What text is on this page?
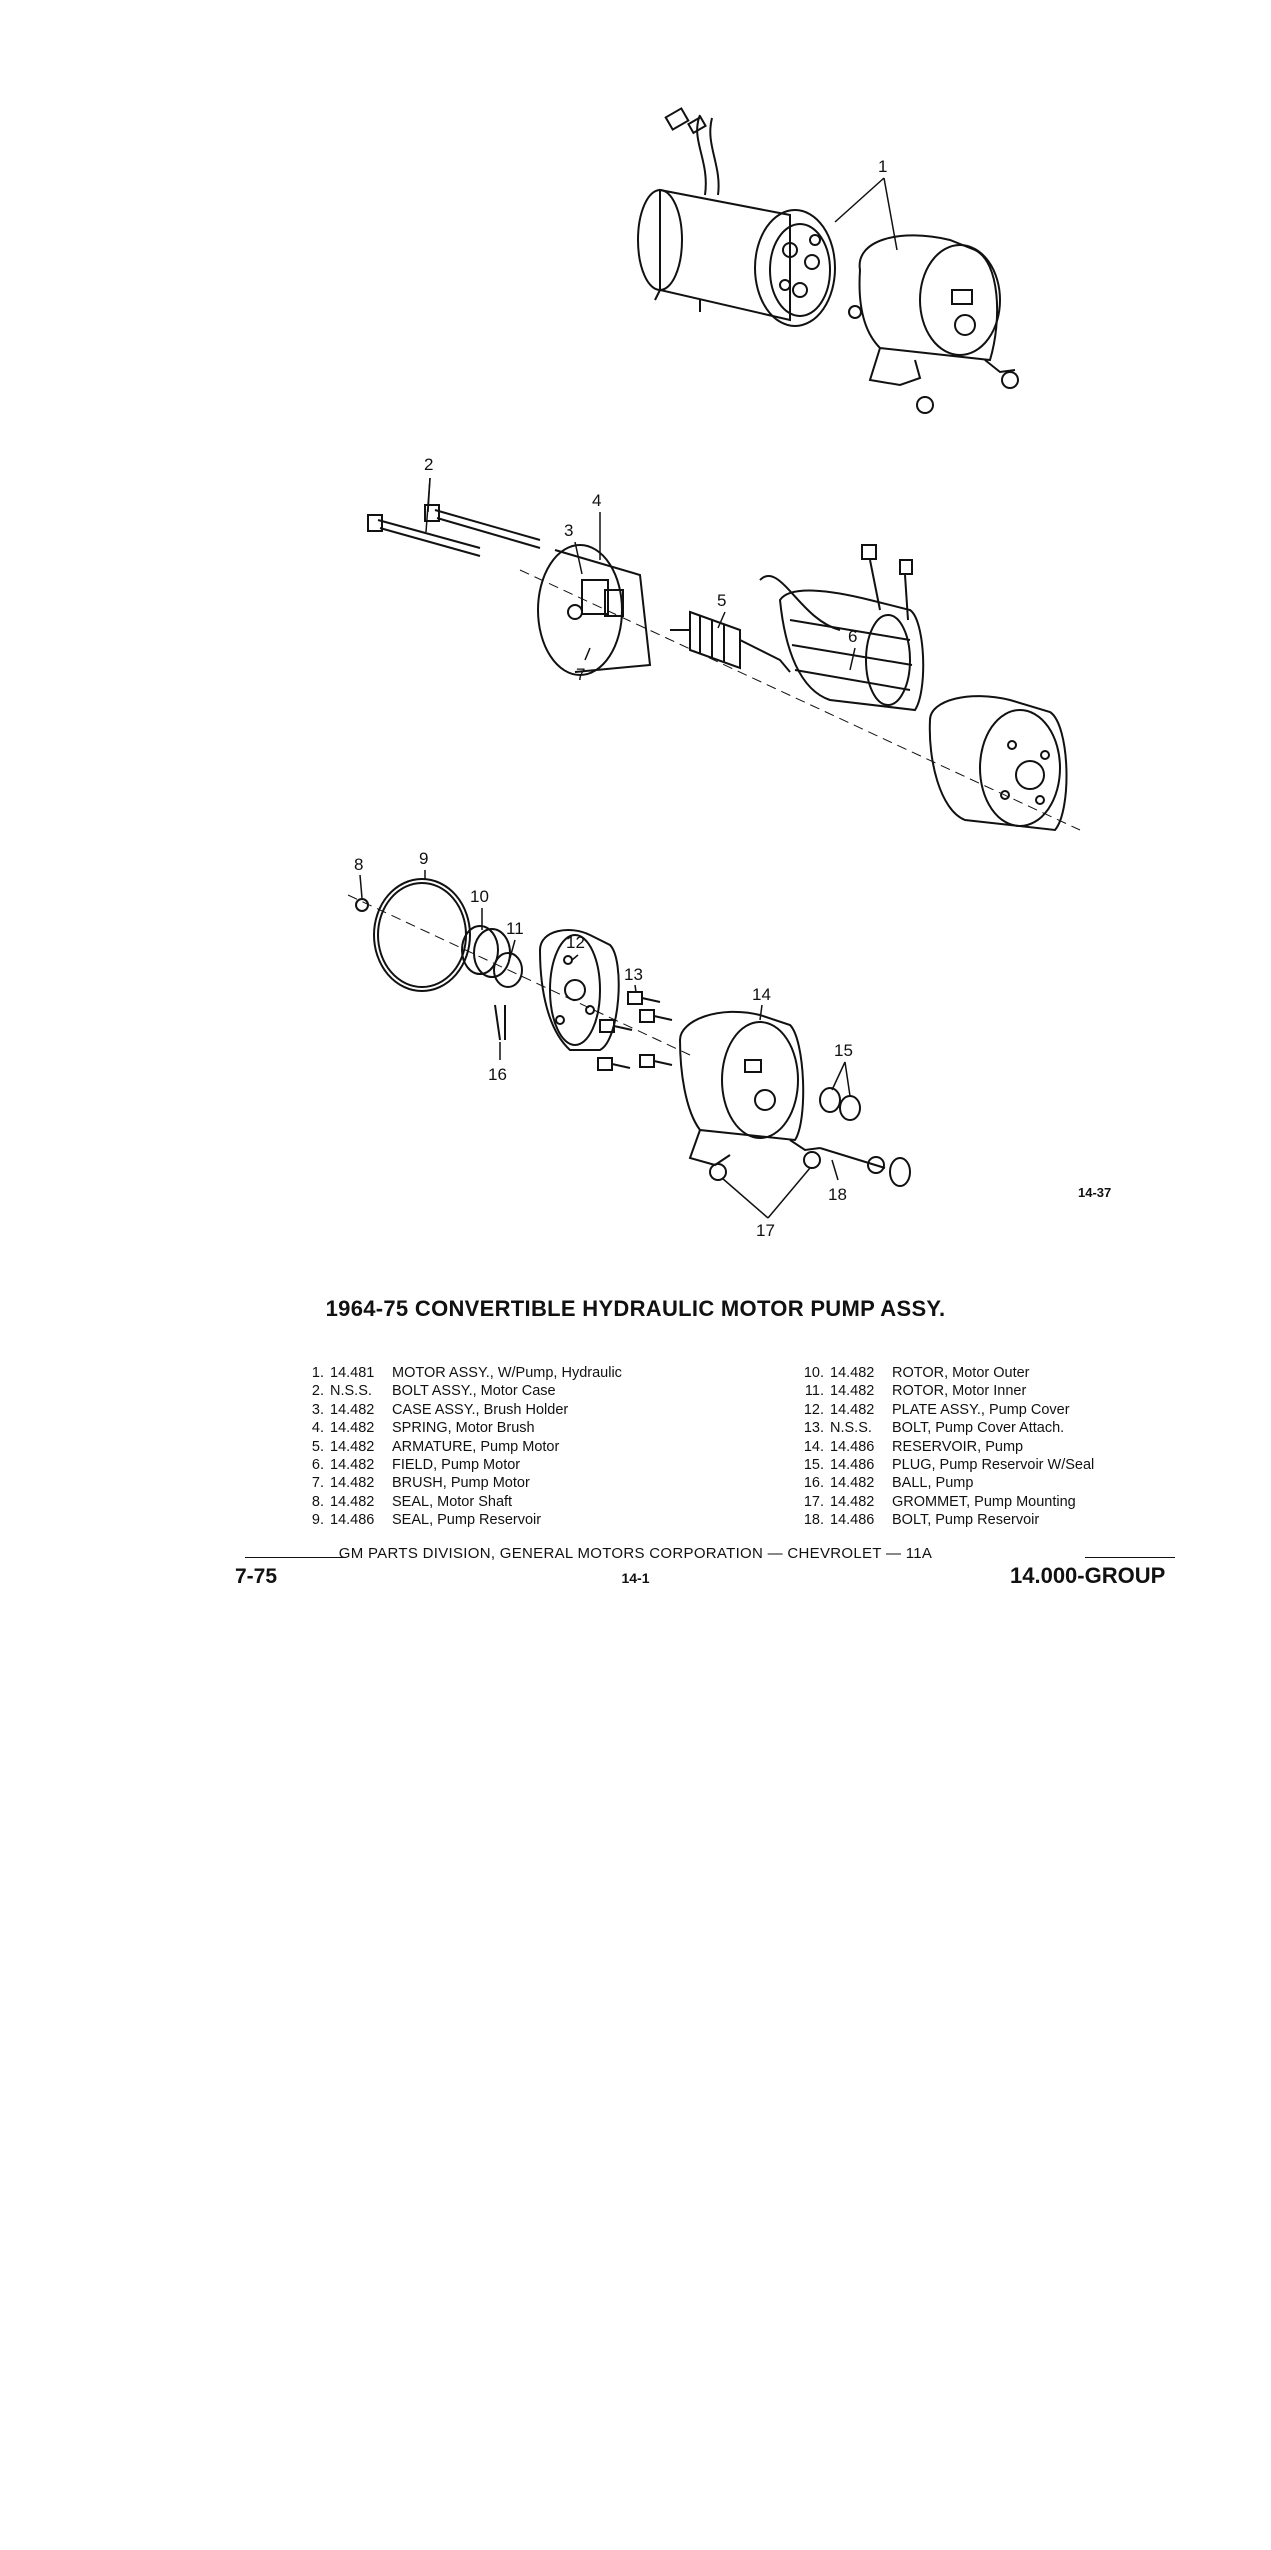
1
2
3
4
5
6
7
8	9
10
11
12
13
14
15
16
17
18	14-37
1964-75 CONVERTIBLE HYDRAULIC MOTOR PUMP ASSY.
1. 14.481 MOTOR ASSY., W/Pump, Hydraulic
2. N.S.S. BOLT ASSY., Motor Case
3. 14.482 CASE ASSY., Brush Holder
4. 14.482 SPRING, Motor Brush
5. 14.482 ARMATURE, Pump Motor
6. 14.482 FIELD, Pump Motor
7. 14.482 BRUSH, Pump Motor
8. 14.482 SEAL, Motor Shaft
9. 14.486 SEAL, Pump Reservoir
10. 14.482 ROTOR, Motor Outer
11. 14.482 ROTOR, Motor Inner
12. 14.482 PLATE ASSY., Pump Cover
13. N.S.S. BOLT, Pump Cover Attach.
14. 14.486 RESERVOIR, Pump
15. 14.486 PLUG, Pump Reservoir W/Seal
16. 14.482 BALL, Pump
17. 14.482 GROMMET, Pump Mounting
18. 14.486 BOLT, Pump Reservoir
GM PARTS DIVISION, GENERAL MOTORS CORPORATION — CHEVROLET — 11A
7-75	14-1	14.000-GROUP
